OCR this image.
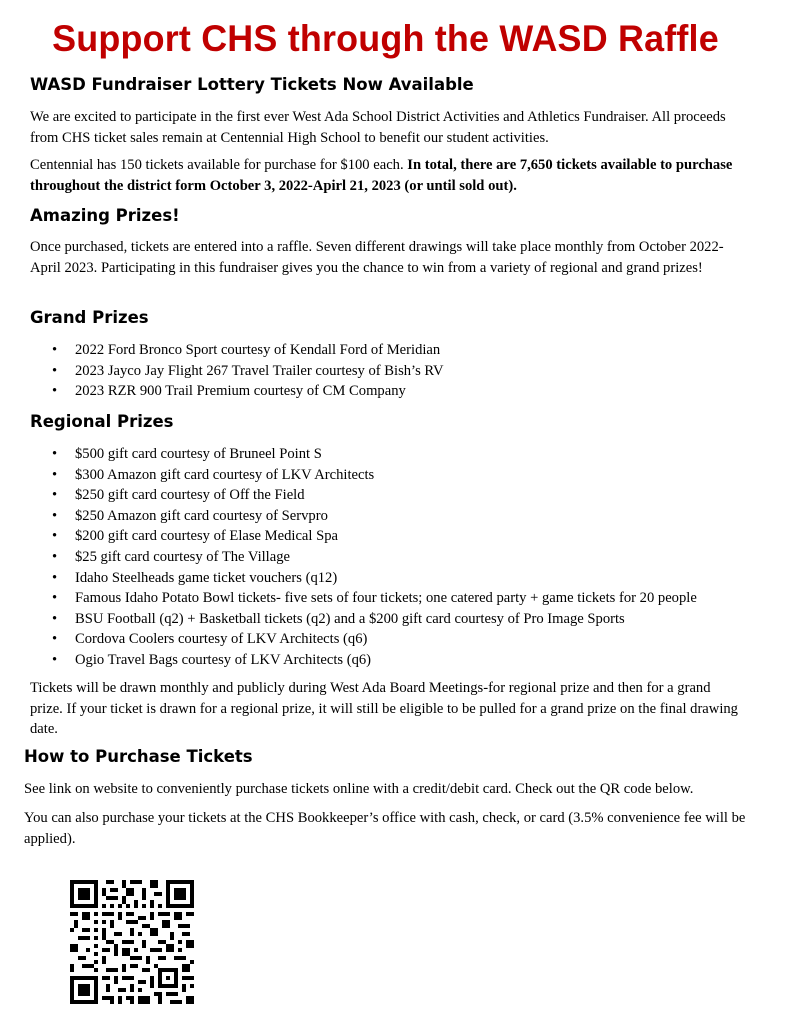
Support CHS through the WASD Raffle
WASD Fundraiser Lottery Tickets Now Available

We are excited to participate in the first ever West Ada School District Activities and Athletics Fundraiser. All proceeds from CHS ticket sales remain at Centennial High School to benefit our student activities.

Centennial has 150 tickets available for purchase for $100 each. In total, there are 7,650 tickets available to purchase throughout the district form October 3, 2022-Apirl 21, 2023 (or until sold out).

Amazing Prizes!

Once purchased, tickets are entered into a raffle. Seven different drawings will take place monthly from October 2022- April 2023. Participating in this fundraiser gives you the chance to win from a variety of regional and grand prizes!

Grand Prizes
• 2022 Ford Bronco Sport courtesy of Kendall Ford of Meridian
• 2023 Jayco Jay Flight 267 Travel Trailer courtesy of Bish’s RV
• 2023 RZR 900 Trail Premium courtesy of CM Company
Regional Prizes
• $500 gift card courtesy of Bruneel Point S
• $300 Amazon gift card courtesy of LKV Architects
• $250 gift card courtesy of Off the Field
• $250 Amazon gift card courtesy of Servpro
• $200 gift card courtesy of Elase Medical Spa
• $25 gift card courtesy of The Village
• Idaho Steelheads game ticket vouchers (q12)
• Famous Idaho Potato Bowl tickets- five sets of four tickets; one catered party + game tickets for 20 people
• BSU Football (q2) + Basketball tickets (q2) and a $200 gift card courtesy of Pro Image Sports
• Cordova Coolers courtesy of LKV Architects (q6)
• Ogio Travel Bags courtesy of LKV Architects (q6)

Tickets will be drawn monthly and publicly during West Ada Board Meetings-for regional prize and then for a grand prize. If your ticket is drawn for a regional prize, it will still be eligible to be pulled for a grand prize on the final drawing date.

How to Purchase Tickets

See link on website to conveniently purchase tickets online with a credit/debit card. Check out the QR code below.

You can also purchase your tickets at the CHS Bookkeeper’s office with cash, check, or card (3.5% convenience fee will be applied).
